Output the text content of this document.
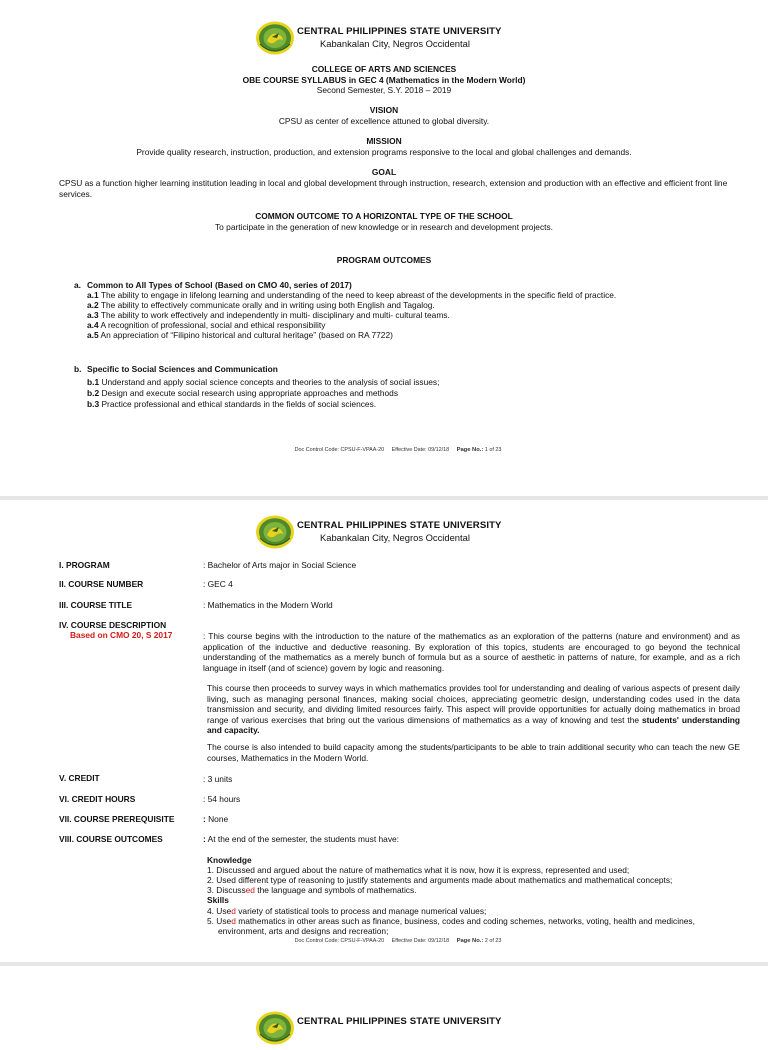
CENTRAL PHILIPPINES STATE UNIVERSITY
Kabankalan City, Negros Occidental
COLLEGE OF ARTS AND SCIENCES
OBE COURSE SYLLABUS in GEC 4 (Mathematics in the Modern World)
Second Semester, S.Y. 2018 – 2019
VISION
CPSU as center of excellence attuned to global diversity.
MISSION
Provide quality research, instruction, production, and extension programs responsive to the local and global challenges and demands.
GOAL
CPSU as a function higher learning institution leading in local and global development through instruction, research, extension and production with an effective and efficient front line services.
COMMON OUTCOME TO A HORIZONTAL TYPE OF THE SCHOOL
To participate in the generation of new knowledge or in research and development projects.
PROGRAM OUTCOMES
a. Common to All Types of School (Based on CMO 40, series of 2017)
a.1 The ability to engage in lifelong learning and understanding of the need to keep abreast of the developments in the specific field of practice.
a.2 The ability to effectively communicate orally and in writing using both English and Tagalog.
a.3 The ability to work effectively and independently in multi- disciplinary and multi- cultural teams.
a.4 A recognition of professional, social and ethical responsibility
a.5 An appreciation of “Filipino historical and cultural heritage” (based on RA 7722)
b. Specific to Social Sciences and Communication
b.1 Understand and apply social science concepts and theories to the analysis of social issues;
b.2 Design and execute social research using appropriate approaches and methods
b.3 Practice professional and ethical standards in the fields of social sciences.
Doc Control Code: CPSU-F-VPAA-20 Effective Date: 09/12/18 Page No.: 1 of 23
CENTRAL PHILIPPINES STATE UNIVERSITY
Kabankalan City, Negros Occidental
I. PROGRAM	: Bachelor of Arts major in Social Science
II. COURSE NUMBER	: GEC 4
III. COURSE TITLE	: Mathematics in the Modern World
IV. COURSE DESCRIPTION
Based on CMO 20, S 2017	: This course begins with the introduction to the nature of the mathematics as an exploration of the patterns (nature and environment) and as application of the inductive and deductive reasoning. By exploration of this topics, students are encouraged to go beyond the technical understanding of the mathematics as a merely bunch of formula but as a source of aesthetic in patterns of nature, for example, and as a rich language in itself (and of science) govern by logic and reasoning.
This course then proceeds to survey ways in which mathematics provides tool for understanding and dealing of various aspects of present daily living, such as managing personal finances, making social choices, appreciating geometric design, understanding codes used in the data transmission and security, and dividing limited resources fairly. This aspect will provide opportunities for actually doing mathematics in broad range of various exercises that bring out the various dimensions of mathematics as a way of knowing and test the students' understanding and capacity.
The course is also intended to build capacity among the students/participants to be able to train additional security who can teach the new GE courses, Mathematics in the Modern World.
V. CREDIT	: 3 units
VI. CREDIT HOURS	: 54 hours
VII. COURSE PREREQUISITE	: None
VIII. COURSE OUTCOMES	: At the end of the semester, the students must have:
Knowledge
1. Discussed and argued about the nature of mathematics what it is now, how it is express, represented and used;
2. Used different type of reasoning to justify statements and arguments made about mathematics and mathematical concepts;
3. Discussed the language and symbols of mathematics.
Skills
4. Used variety of statistical tools to process and manage numerical values;
5. Used mathematics in other areas such as finance, business, codes and coding schemes, networks, voting, health and medicines,
environment, arts and designs and recreation;
Doc Control Code: CPSU-F-VPAA-20 Effective Date: 09/12/18 Page No.: 2 of 23
CENTRAL PHILIPPINES STATE UNIVERSITY
